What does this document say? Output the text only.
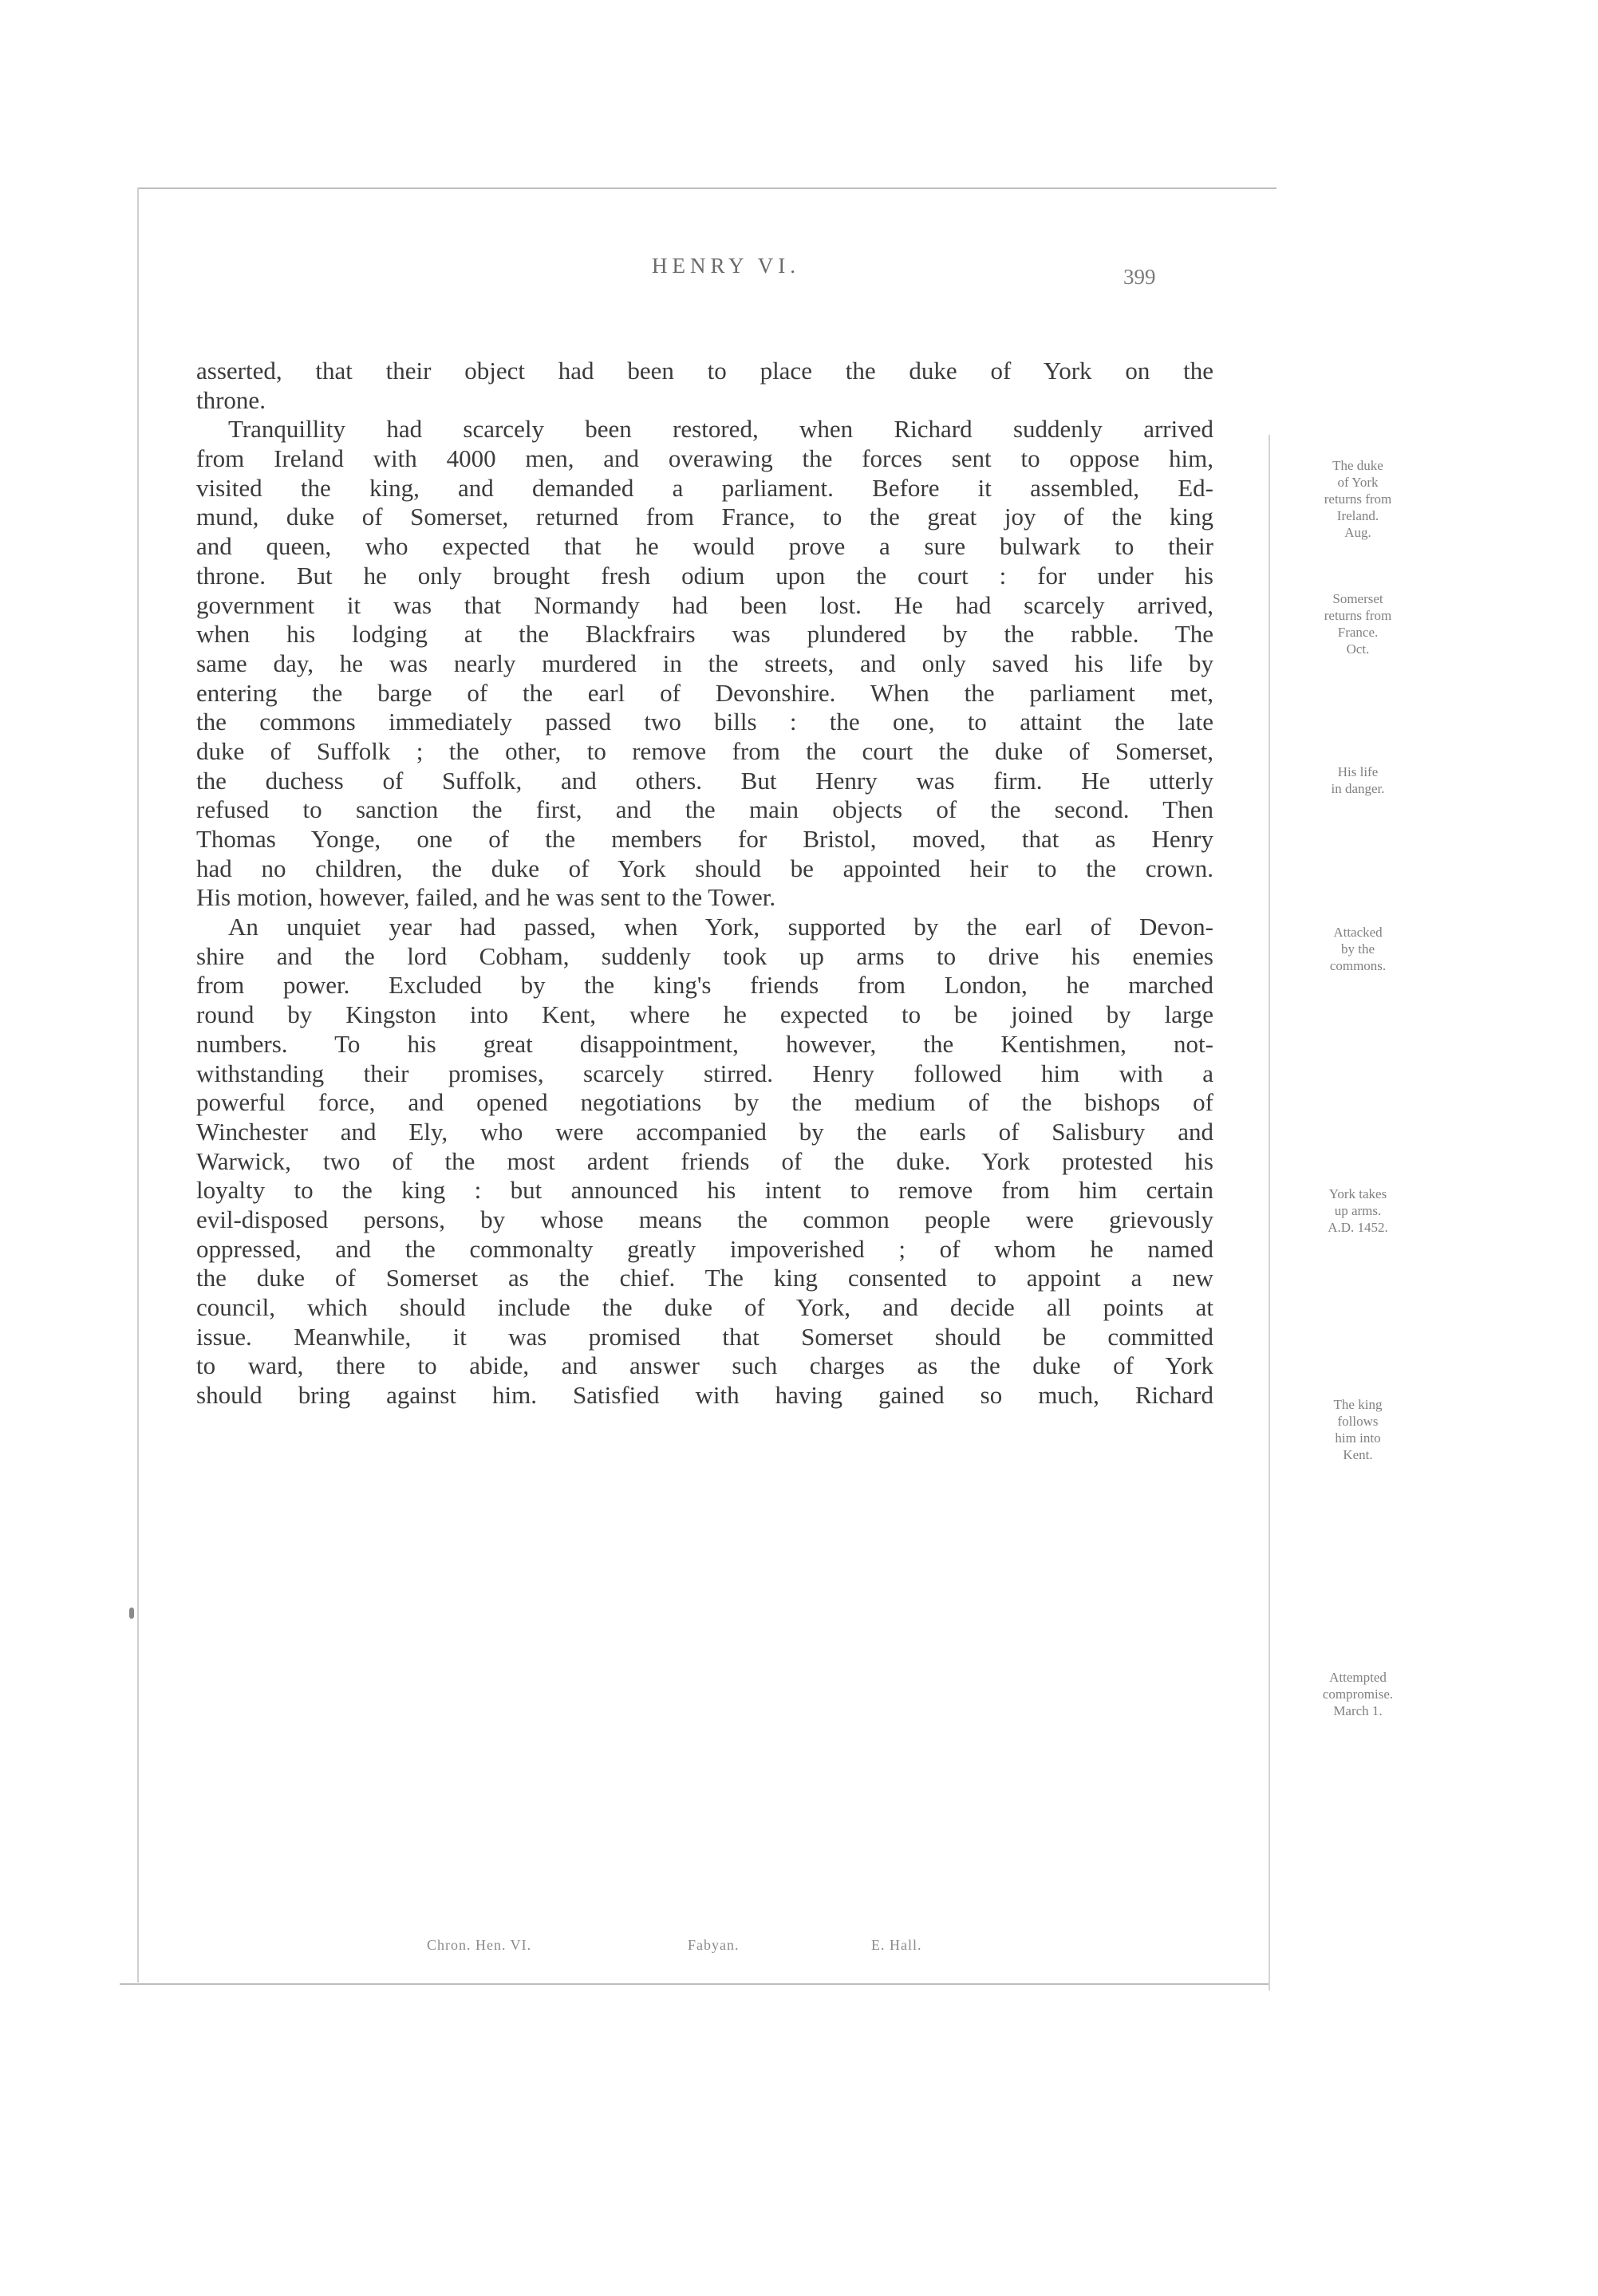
HENRY VI.	399
asserted, that their object had been to place the duke of York on the
throne.
Tranquillity had scarcely been restored, when Richard suddenly arrived
from Ireland with 4000 men, and overawing the forces sent to oppose him,
visited the king, and demanded a parliament. Before it assembled, Ed-
mund, duke of Somerset, returned from France, to the great joy of the king
and queen, who expected that he would prove a sure bulwark to their
throne. But he only brought fresh odium upon the court : for under his
government it was that Normandy had been lost. He had scarcely arrived,
when his lodging at the Blackfrairs was plundered by the rabble. The
same day, he was nearly murdered in the streets, and only saved his life by
entering the barge of the earl of Devonshire. When the parliament met,
the commons immediately passed two bills : the one, to attaint the late
duke of Suffolk ; the other, to remove from the court the duke of Somerset,
the duchess of Suffolk, and others. But Henry was firm. He utterly
refused to sanction the first, and the main objects of the second. Then
Thomas Yonge, one of the members for Bristol, moved, that as Henry
had no children, the duke of York should be appointed heir to the crown.
His motion, however, failed, and he was sent to the Tower.
An unquiet year had passed, when York, supported by the earl of Devon-
shire and the lord Cobham, suddenly took up arms to drive his enemies
from power. Excluded by the king's friends from London, he marched
round by Kingston into Kent, where he expected to be joined by large
numbers. To his great disappointment, however, the Kentishmen, not-
withstanding their promises, scarcely stirred. Henry followed him with a
powerful force, and opened negotiations by the medium of the bishops of
Winchester and Ely, who were accompanied by the earls of Salisbury and
Warwick, two of the most ardent friends of the duke. York protested his
loyalty to the king : but announced his intent to remove from him certain
evil-disposed persons, by whose means the common people were grievously
oppressed, and the commonalty greatly impoverished ; of whom he named
the duke of Somerset as the chief. The king consented to appoint a new
council, which should include the duke of York, and decide all points at
issue. Meanwhile, it was promised that Somerset should be committed
to ward, there to abide, and answer such charges as the duke of York
should bring against him. Satisfied with having gained so much, Richard
The duke
of York
returns from
Ireland.
Aug.
Somerset
returns from
France.
Oct.
His life
in danger.
Attacked
by the
commons.
York takes
up arms.
A.D. 1452.
The king
follows
him into
Kent.
Attempted
compromise.
March 1.
Chron. Hen. VI.	Fabyan.	E. Hall.
